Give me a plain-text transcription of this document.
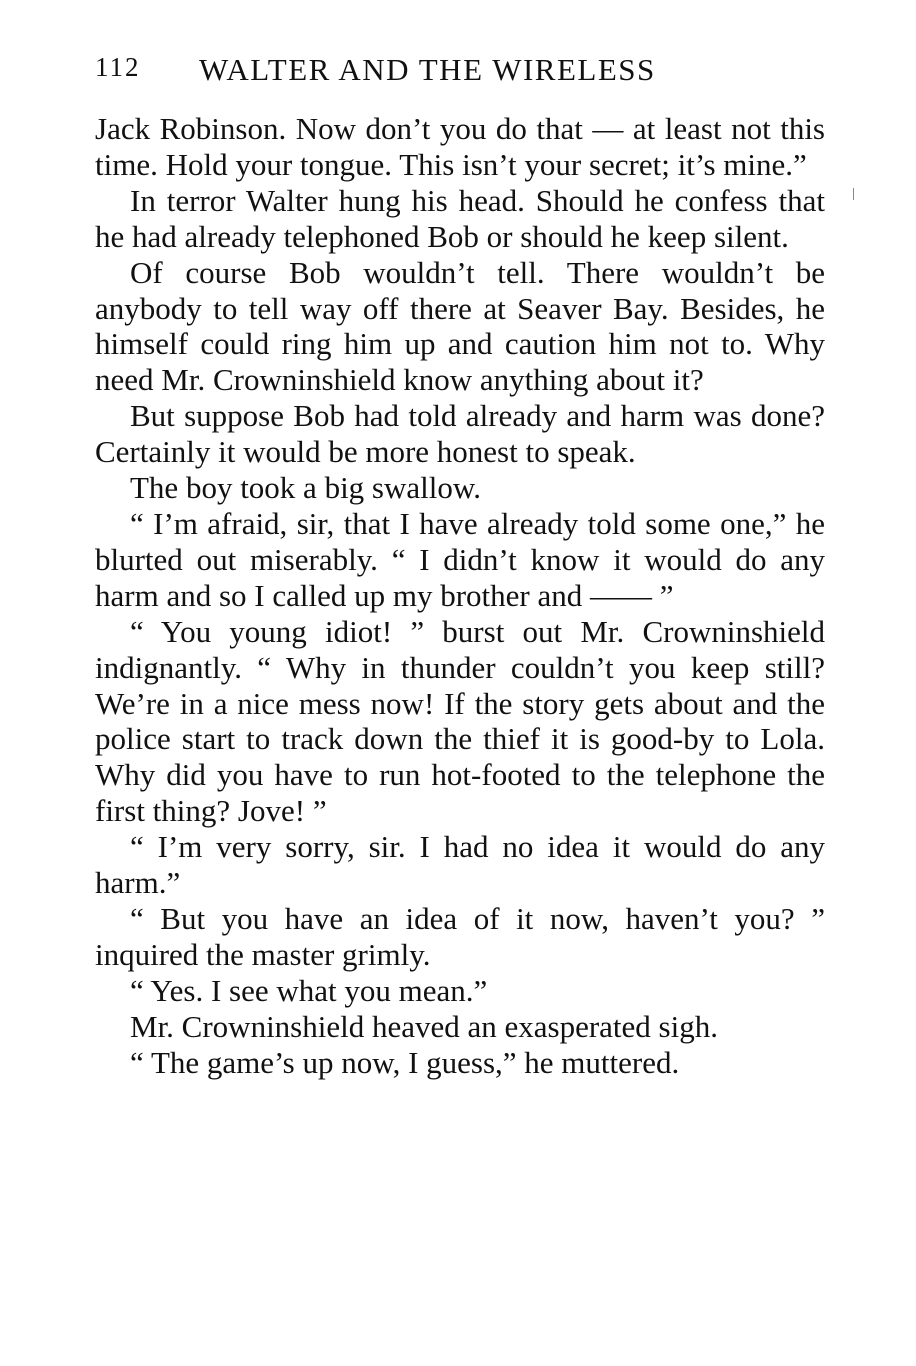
112 WALTER AND THE WIRELESS

Jack Robinson. Now don’t you do that — at least not this time. Hold your tongue. This isn’t your secret; it’s mine.”

In terror Walter hung his head. Should he confess that he had already telephoned Bob or should he keep silent.

Of course Bob wouldn’t tell. There wouldn’t be anybody to tell way off there at Seaver Bay. Besides, he himself could ring him up and caution him not to. Why need Mr. Crowninshield know anything about it?

But suppose Bob had told already and harm was done? Certainly it would be more honest to speak.

The boy took a big swallow.

“ I’m afraid, sir, that I have already told some one,” he blurted out miserably. “ I didn’t know it would do any harm and so I called up my brother and —— ”

“ You young idiot! ” burst out Mr. Crowninshield indignantly. “ Why in thunder couldn’t you keep still? We’re in a nice mess now! If the story gets about and the police start to track down the thief it is good-by to Lola. Why did you have to run hot-footed to the telephone the first thing? Jove! ”

“ I’m very sorry, sir. I had no idea it would do any harm.”

“ But you have an idea of it now, haven’t you? ” inquired the master grimly.

“ Yes. I see what you mean.”

Mr. Crowninshield heaved an exasperated sigh.

“ The game’s up now, I guess,” he muttered.
